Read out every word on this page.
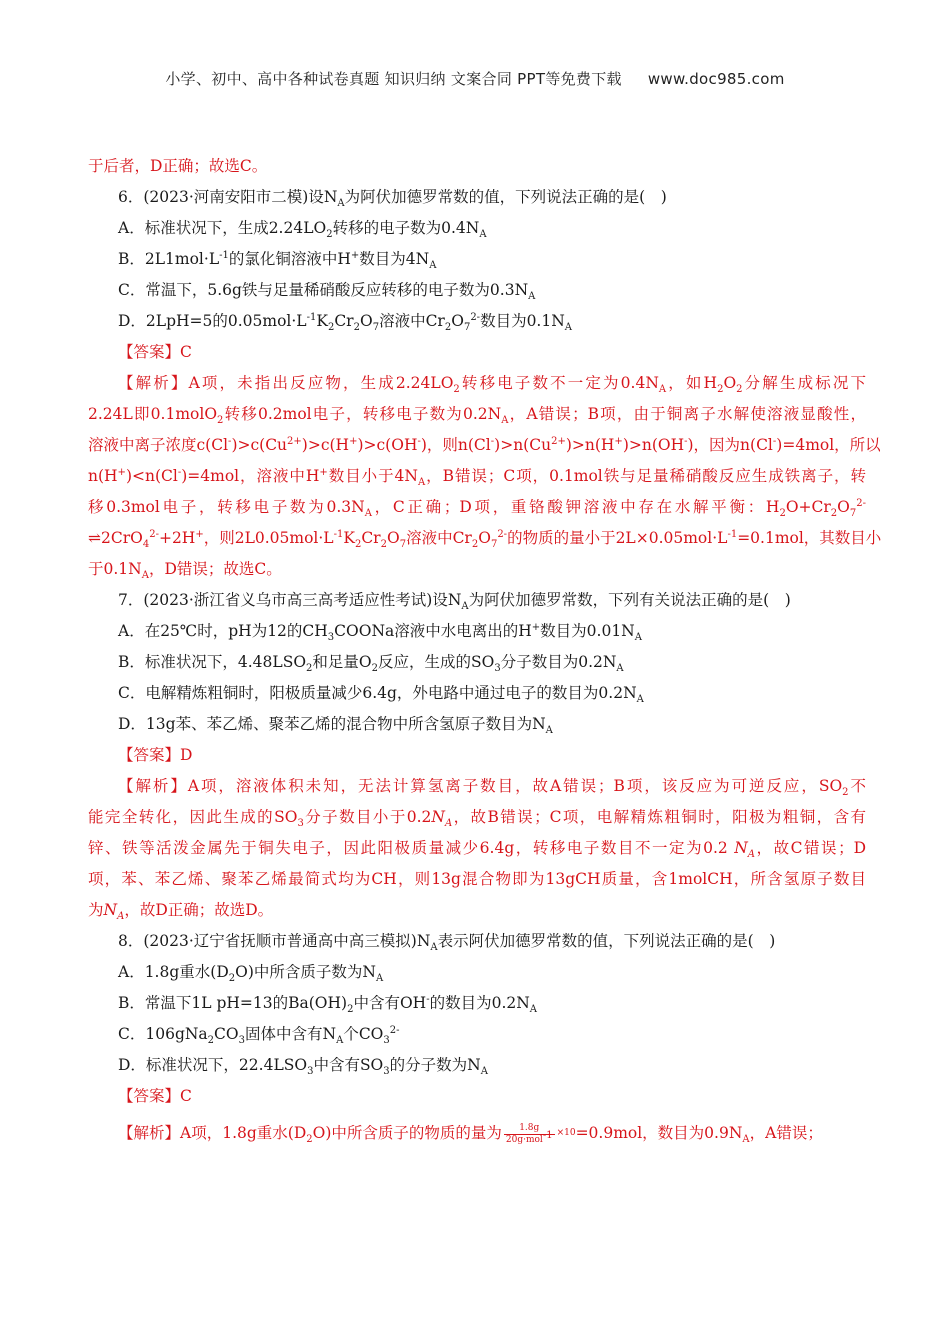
小学、初中、高中各种试卷真题 知识归纳 文案合同 PPT等免费下载 www.doc985.com
于后者，D正确；故选C。
6．(2023·河南安阳市二模)设$N_A$为阿伏加德罗常数的值，下列说法正确的是(　)
A．标准状况下，生成$2.24LO_2$转移的电子数为$0.4N_A$
B．$2L1mol\cdot L^{-1}$的氯化铜溶液中H+数目为$4N_A$
C．常温下，5.6g铁与足量稀硝酸反应转移的电子数为$0.3N_A$
D．2LpH=5的$0.05mol\cdot L^{-1}K_2Cr_2O_7$溶液中$Cr_2O_7^{2-}$数目为$0.1N_A$
【答案】C
【解析】A项，未指出反应物，生成$2.24LO_2$转移电子数不一定为$0.4N_A$，如$H_2O_2$分解生成标况下
2.24L即0.1molO$_2$转移0.2mol电子，转移电子数为$0.2N_A$，A错误；B项，由于铜离子水解使溶液显酸性，
溶液中离子浓度$c(Cl^-)>c(Cu^{2+})>c(H^+)>c(OH^-)$，则$n(Cl^-)>n(Cu^{2+})>n(H^+)>n(OH^-)$，因为n(Cl-)=4mol，所以
n(H+)<n(Cl-)=4mol，溶液中H+数目小于$4N_A$，B错误；C项，0.1mol铁与足量稀硝酸反应生成铁离子，转
移0.3mol电子，转移电子数为$0.3N_A$，C正确；D项，重铬酸钾溶液中存在水解平衡：$H_2O+Cr_2O_7^{2-}$
⇌2CrO$_4^{2-}$+2H+，则$2L0.05mol\cdot L^{-1}K_2Cr_2O_7$溶液中$Cr_2O_7^{2-}$的物质的量小于$2L\times 0.05mol\cdot L^{-1}=0.1mol$，其数目小
于$0.1N_A$，D错误；故选C。
7．(2023·浙江省义乌市高三高考适应性考试)设$N_A$为阿伏加德罗常数，下列有关说法正确的是(　)
A．在25℃时，pH为12的$CH_3COONa$溶液中水电离出的H+数目为$0.01N_A$
B．标准状况下，$4.48LSO_2$和足量$O_2$反应，生成的$SO_3$分子数目为$0.2N_A$
C．电解精炼粗铜时，阳极质量减少6.4g，外电路中通过电子的数目为$0.2N_A$
D．13g苯、苯乙烯、聚苯乙烯的混合物中所含氢原子数目为$N_A$
【答案】D
【解析】A项，溶液体积未知，无法计算氢离子数目，故A错误；B项，该反应为可逆反应，$SO_2$不
能完全转化，因此生成的$SO_3$分子数目小于$0.2N_A$，故B错误；C项，电解精炼粗铜时，阳极为粗铜，含有
锌、铁等活泼金属先于铜失电子，因此阳极质量减少6.4g，转移电子数目不一定为0.2 $N_A$，故C错误；D
项，苯、苯乙烯、聚苯乙烯最简式均为CH，则13g混合物即为13gCH质量，含1molCH，所含氢原子数目
为$N_A$，故D正确；故选D。
8．(2023·辽宁省抚顺市普通高中高三模拟)$N_A$表示阿伏加德罗常数的值，下列说法正确的是(　)
A．1.8g重水$(D_2O)$中所含质子数为$N_A$
B．常温下1L pH=13的$Ba(OH)_2$中含有OH-的数目为$0.2N_A$
C．$106gNa_2CO_3$固体中含有$N_A$个$CO_3^{2-}$
D．标准状况下，$22.4LSO_3$中含有$SO_3$的分子数为$N_A$
【答案】C
【解析】A项，1.8g重水$(D_2O)$中所含质子的物质的量为 $\frac{1.8g}{20g\cdot mol^{-1}} \times 10=0.9mol$，数目为$0.9N_A$，A错误；
